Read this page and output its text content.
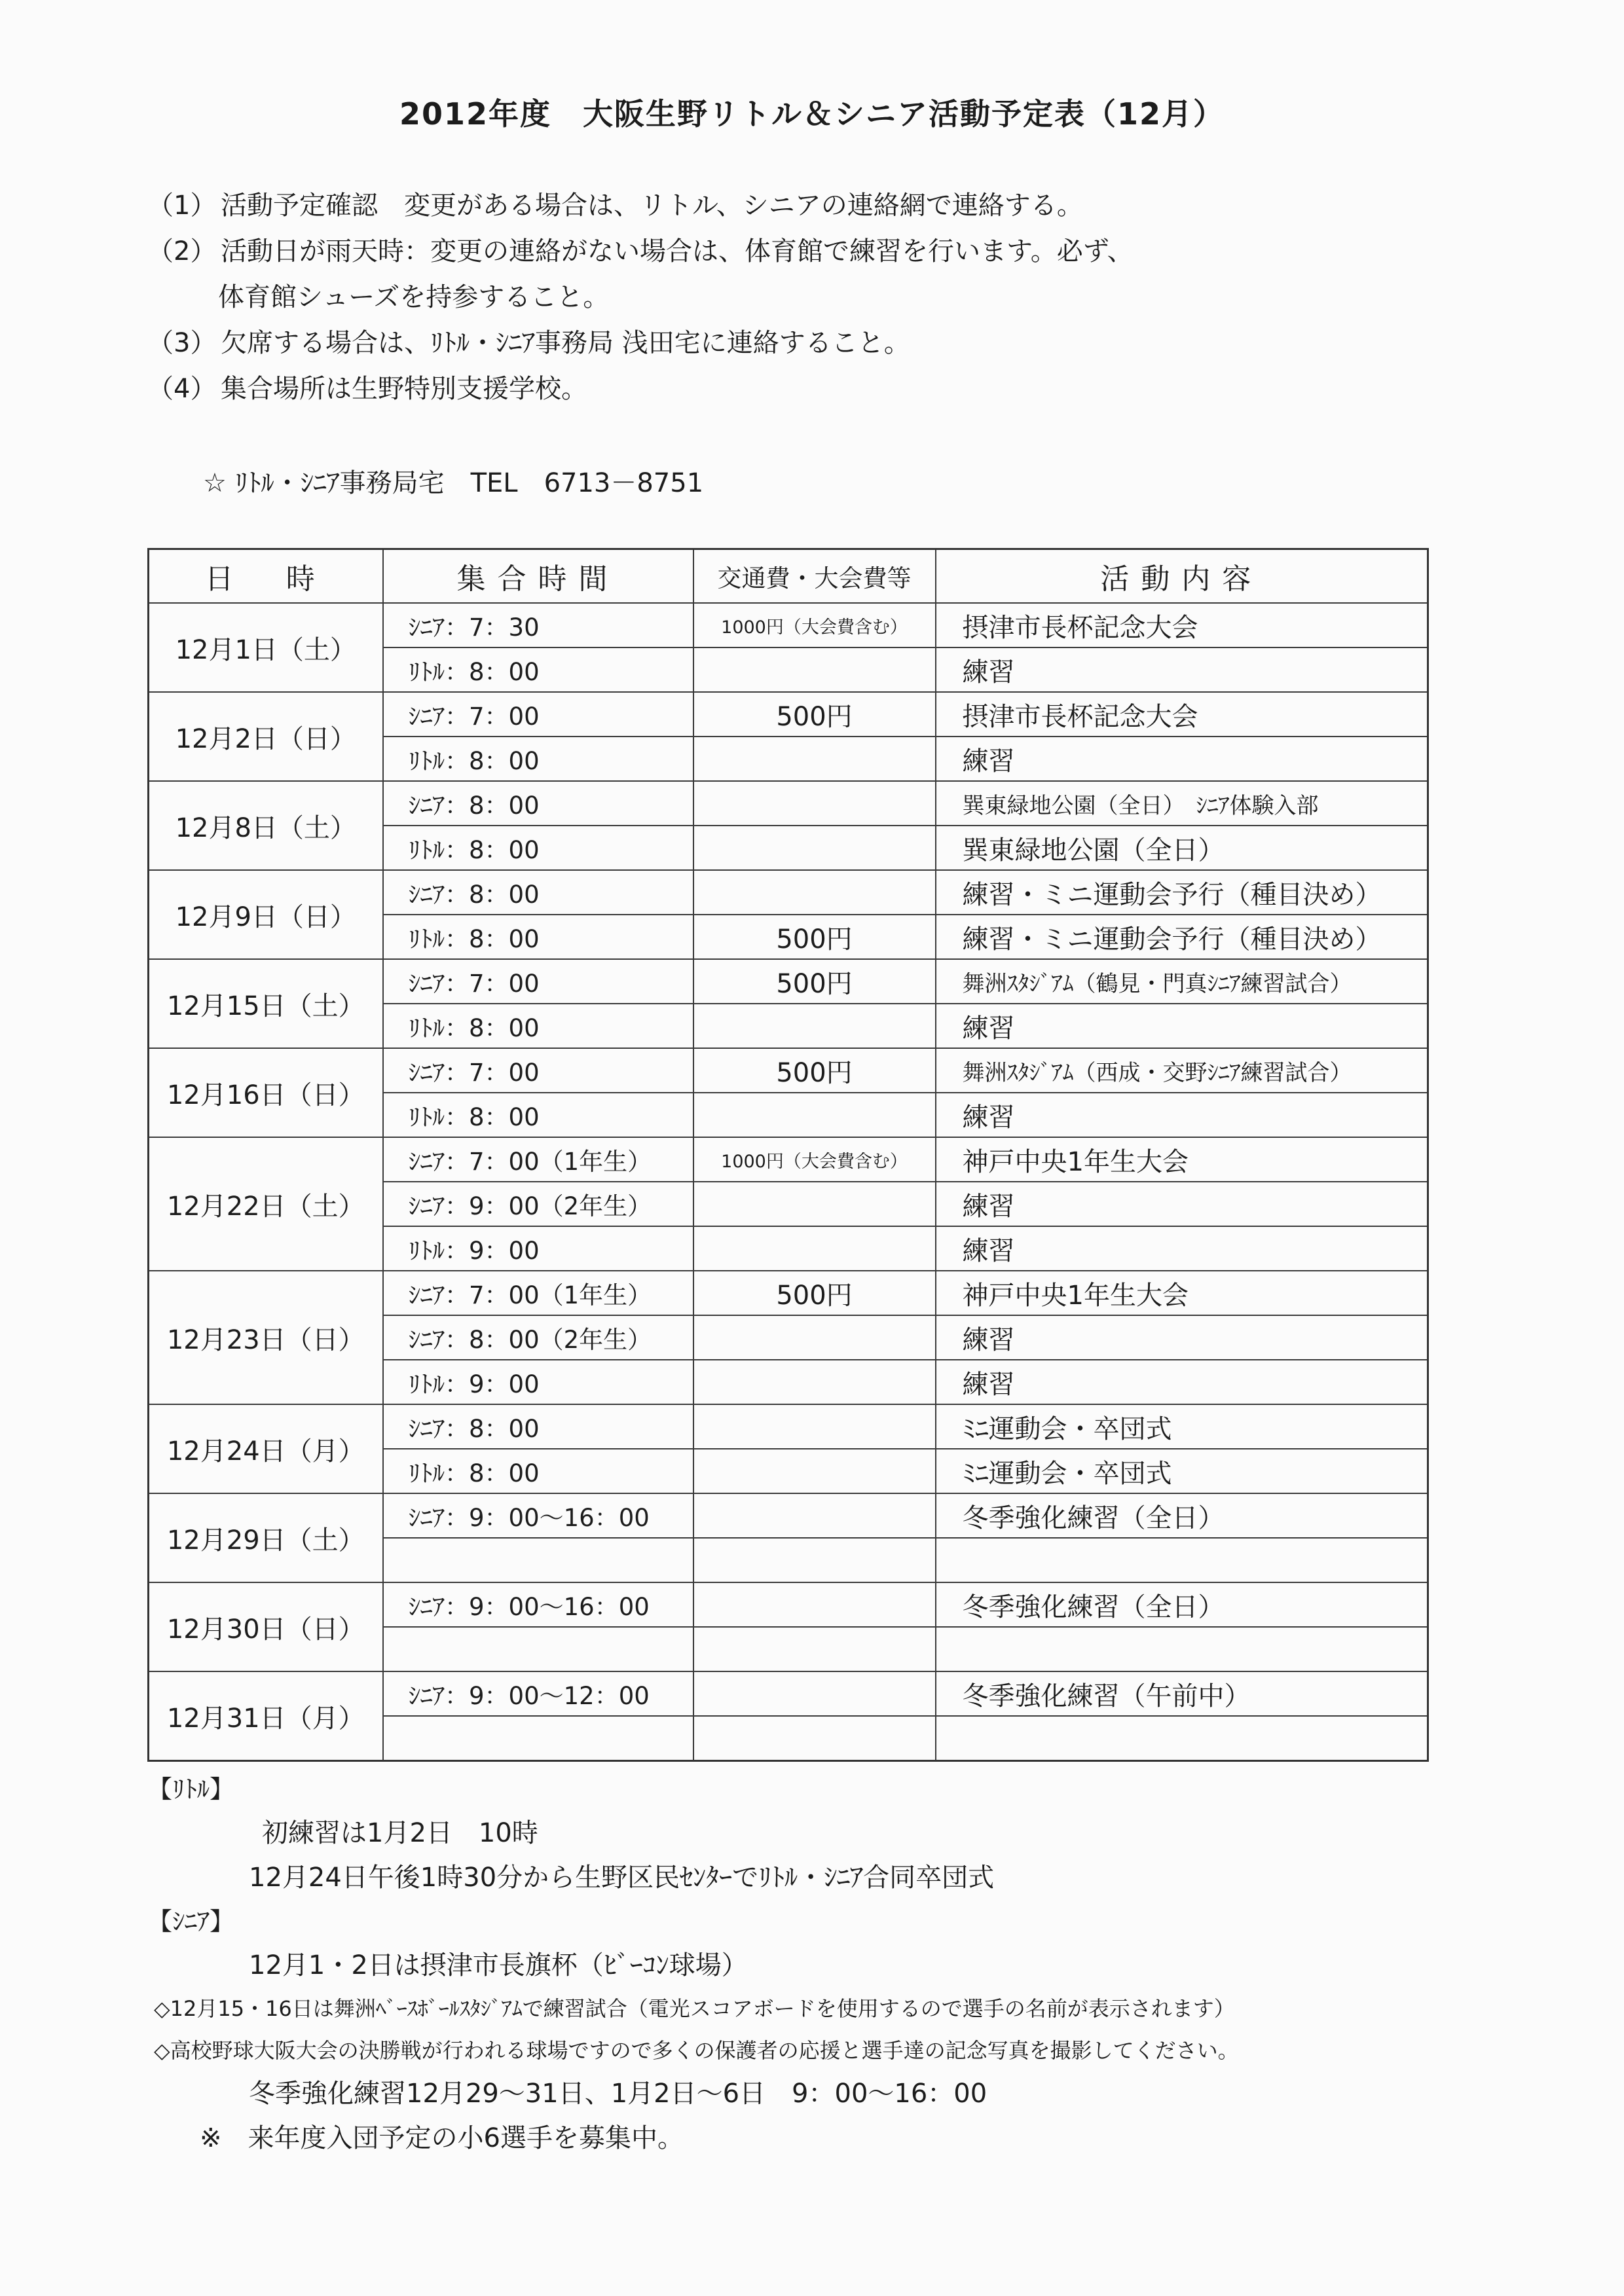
2012年度　大阪生野リトル＆シニア活動予定表（12月）
（1） 活動予定確認　変更がある場合は、リトル、シニアの連絡網で連絡する。
（2） 活動日が雨天時：変更の連絡がない場合は、体育館で練習を行います。必ず、
体育館シューズを持参すること。
（3） 欠席する場合は、ﾘﾄﾙ・ｼﾆｱ事務局 浅田宅に連絡すること。
（4） 集合場所は生野特別支援学校。
☆ ﾘﾄﾙ・ｼﾆｱ事務局宅　TEL　6713－8751
日　時	集合時間	交通費・大会費等	活動内容
12月1日（土）	ｼﾆｱ：7：30	1000円（大会費含む）	摂津市長杯記念大会
	ﾘﾄﾙ：8：00		練習
12月2日（日）	ｼﾆｱ：7：00	500円	摂津市長杯記念大会
	ﾘﾄﾙ：8：00		練習
12月8日（土）	ｼﾆｱ：8：00		巽東緑地公園（全日）　ｼﾆｱ体験入部
	ﾘﾄﾙ：8：00		巽東緑地公園（全日）
12月9日（日）	ｼﾆｱ：8：00		練習・ミニ運動会予行（種目決め）
	ﾘﾄﾙ：8：00	500円	練習・ミニ運動会予行（種目決め）
12月15日（土）	ｼﾆｱ：7：00	500円	舞洲ｽﾀｼﾞｱﾑ（鶴見・門真ｼﾆｱ練習試合）
	ﾘﾄﾙ：8：00		練習
12月16日（日）	ｼﾆｱ：7：00	500円	舞洲ｽﾀｼﾞｱﾑ（西成・交野ｼﾆｱ練習試合）
	ﾘﾄﾙ：8：00		練習
12月22日（土）	ｼﾆｱ：7：00（1年生）	1000円（大会費含む）	神戸中央1年生大会
	ｼﾆｱ：9：00（2年生）		練習
	ﾘﾄﾙ：9：00		練習
12月23日（日）	ｼﾆｱ：7：00（1年生）	500円	神戸中央1年生大会
	ｼﾆｱ：8：00（2年生）		練習
	ﾘﾄﾙ：9：00		練習
12月24日（月）	ｼﾆｱ：8：00		ﾐﾆ運動会・卒団式
	ﾘﾄﾙ：8：00		ﾐﾆ運動会・卒団式
12月29日（土）	ｼﾆｱ：9：00～16：00		冬季強化練習（全日）

12月30日（日）	ｼﾆｱ：9：00～16：00		冬季強化練習（全日）

12月31日（月）	ｼﾆｱ：9：00～12：00		冬季強化練習（午前中）

【ﾘﾄﾙ】
初練習は1月2日　10時
12月24日午後1時30分から生野区民ｾﾝﾀｰでﾘﾄﾙ・ｼﾆｱ合同卒団式
【ｼﾆｱ】
12月1・2日は摂津市長旗杯（ﾋﾞｰｺﾝ球場）
◇12月15・16日は舞洲ﾍﾞｰｽﾎﾞｰﾙｽﾀｼﾞｱﾑで練習試合（電光スコアボードを使用するので選手の名前が表示されます）
◇高校野球大阪大会の決勝戦が行われる球場ですので多くの保護者の応援と選手達の記念写真を撮影してください。
冬季強化練習12月29～31日、1月2日～6日　9：00～16：00
※　来年度入団予定の小6選手を募集中。
